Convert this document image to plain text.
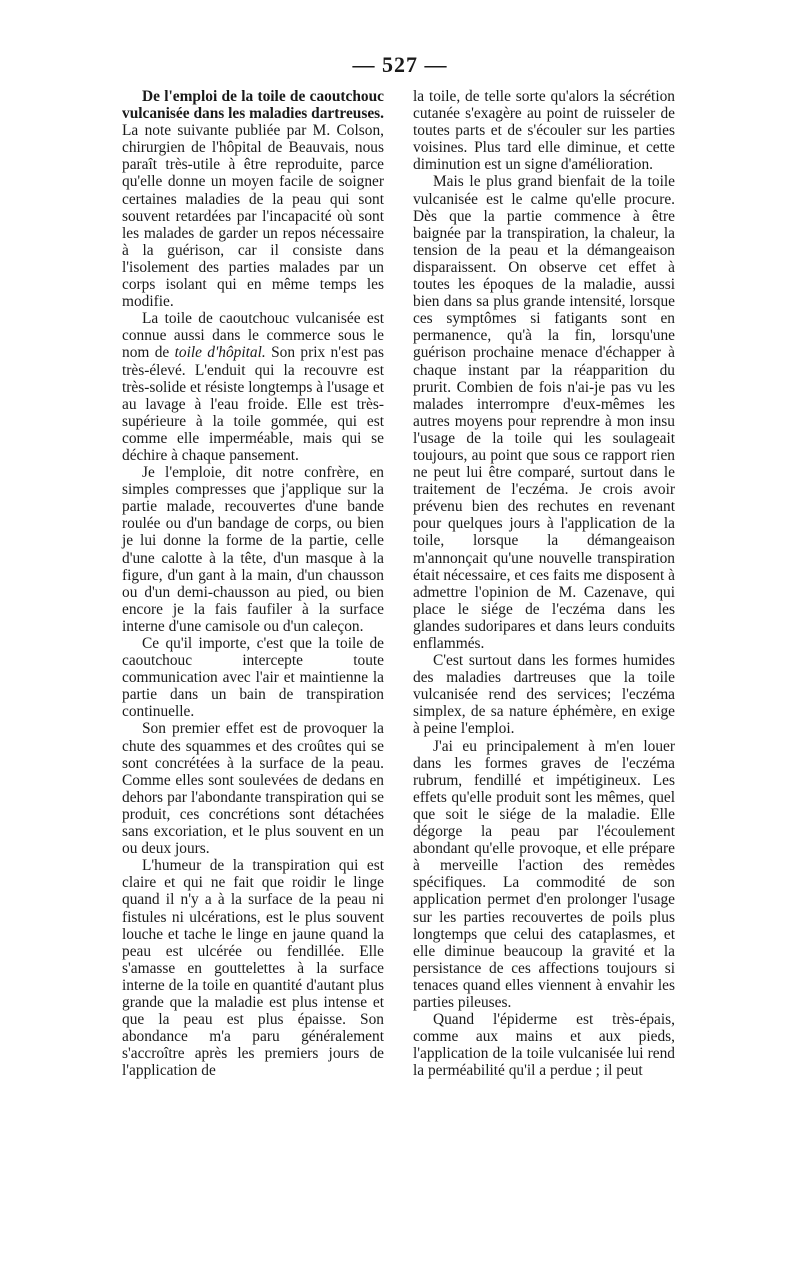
— 527 —

De l'emploi de la toile de caoutchouc vulcanisée dans les maladies dartreuses. La note suivante publiée par M. Colson, chirurgien de l'hôpital de Beauvais, nous paraît très-utile à être reproduite, parce qu'elle donne un moyen facile de soigner certaines maladies de la peau qui sont souvent retardées par l'incapacité où sont les malades de garder un repos nécessaire à la guérison, car il consiste dans l'isolement des parties malades par un corps isolant qui en même temps les modifie.

La toile de caoutchouc vulcanisée est connue aussi dans le commerce sous le nom de toile d'hôpital. Son prix n'est pas très-élevé. L'enduit qui la recouvre est très-solide et résiste longtemps à l'usage et au lavage à l'eau froide. Elle est très-supérieure à la toile gommée, qui est comme elle imperméable, mais qui se déchire à chaque pansement.

Je l'emploie, dit notre confrère, en simples compresses que j'applique sur la partie malade, recouvertes d'une bande roulée ou d'un bandage de corps, ou bien je lui donne la forme de la partie, celle d'une calotte à la tête, d'un masque à la figure, d'un gant à la main, d'un chausson ou d'un demi-chausson au pied, ou bien encore je la fais faufiler à la surface interne d'une camisole ou d'un caleçon.

Ce qu'il importe, c'est que la toile de caoutchouc intercepte toute communication avec l'air et maintienne la partie dans un bain de transpiration continuelle.

Son premier effet est de provoquer la chute des squammes et des croûtes qui se sont concrétées à la surface de la peau. Comme elles sont soulevées de dedans en dehors par l'abondante transpiration qui se produit, ces concrétions sont détachées sans excoriation, et le plus souvent en un ou deux jours.

L'humeur de la transpiration qui est claire et qui ne fait que roidir le linge quand il n'y a à la surface de la peau ni fistules ni ulcérations, est le plus souvent louche et tache le linge en jaune quand la peau est ulcérée ou fendillée. Elle s'amasse en gouttelettes à la surface interne de la toile en quantité d'autant plus grande que la maladie est plus intense et que la peau est plus épaisse. Son abondance m'a paru généralement s'accroître après les premiers jours de l'application de

la toile, de telle sorte qu'alors la sécrétion cutanée s'exagère au point de ruisseler de toutes parts et de s'écouler sur les parties voisines. Plus tard elle diminue, et cette diminution est un signe d'amélioration.

Mais le plus grand bienfait de la toile vulcanisée est le calme qu'elle procure. Dès que la partie commence à être baignée par la transpiration, la chaleur, la tension de la peau et la démangeaison disparaissent. On observe cet effet à toutes les époques de la maladie, aussi bien dans sa plus grande intensité, lorsque ces symptômes si fatigants sont en permanence, qu'à la fin, lorsqu'une guérison prochaine menace d'échapper à chaque instant par la réapparition du prurit. Combien de fois n'ai-je pas vu les malades interrompre d'eux-mêmes les autres moyens pour reprendre à mon insu l'usage de la toile qui les soulageait toujours, au point que sous ce rapport rien ne peut lui être comparé, surtout dans le traitement de l'eczéma. Je crois avoir prévenu bien des rechutes en revenant pour quelques jours à l'application de la toile, lorsque la démangeaison m'annonçait qu'une nouvelle transpiration était nécessaire, et ces faits me disposent à admettre l'opinion de M. Cazenave, qui place le siége de l'eczéma dans les glandes sudoripares et dans leurs conduits enflammés.

C'est surtout dans les formes humides des maladies dartreuses que la toile vulcanisée rend des services; l'eczéma simplex, de sa nature éphémère, en exige à peine l'emploi.

J'ai eu principalement à m'en louer dans les formes graves de l'eczéma rubrum, fendillé et impétigineux. Les effets qu'elle produit sont les mêmes, quel que soit le siége de la maladie. Elle dégorge la peau par l'écoulement abondant qu'elle provoque, et elle prépare à merveille l'action des remèdes spécifiques. La commodité de son application permet d'en prolonger l'usage sur les parties recouvertes de poils plus longtemps que celui des cataplasmes, et elle diminue beaucoup la gravité et la persistance de ces affections toujours si tenaces quand elles viennent à envahir les parties pileuses.

Quand l'épiderme est très-épais, comme aux mains et aux pieds, l'application de la toile vulcanisée lui rend la perméabilité qu'il a perdue ; il peut
